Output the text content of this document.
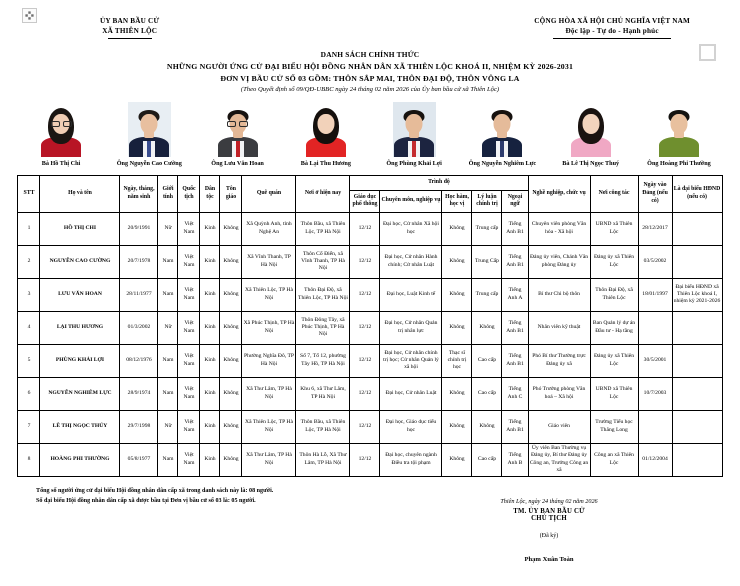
ỦY BAN BẦU CỬ
XÃ THIÊN LỘC
CỘNG HÒA XÃ HỘI CHỦ NGHĨA VIỆT NAM
Độc lập - Tự do - Hạnh phúc
DANH SÁCH CHÍNH THỨC
NHỮNG NGƯỜI ỨNG CỬ ĐẠI BIỂU HỘI ĐỒNG NHÂN DÂN XÃ THIÊN LỘC KHOÁ II, NHIỆM KỲ 2026-2031
ĐƠN VỊ BẦU CỬ SỐ 03 GỒM: THÔN SẮP MAI, THÔN ĐẠI ĐỘ, THÔN VÔNG LA
(Theo Quyết định số 09/QĐ-UBBC ngày 24 tháng 02 năm 2026 của Ủy ban bầu cử xã Thiên Lộc)
Bà Hồ Thị Chi	Ông Nguyễn Cao Cường	Ông Lưu Văn Hoan	Bà Lại Thu Hương	Ông Phùng Khải Lợi	Ông Nguyễn Nghiêm Lực	Bà Lê Thị Ngọc Thuý	Ông Hoàng Phi Thường
STT	Họ và tên	Ngày, tháng, năm sinh	Giới tính	Quốc tịch	Dân tộc	Tôn giáo	Quê quán	Nơi ở hiện nay	Trình độ					Nghề nghiệp, chức vụ	Nơi công tác	Ngày vào Đảng (nếu có)	Là đại biểu HĐND (nếu có)
									Giáo dục phổ thông	Chuyên môn, nghiệp vụ	Học hàm, học vị	Lý luận chính trị	Ngoại ngữ				
1	HỒ THỊ CHI	20/9/1991	Nữ	Việt Nam	Kinh	Không	Xã Quỳnh Anh, tỉnh Nghệ An	Thôn Bầu, xã Thiên Lộc, TP Hà Nội	12/12	Đại học, Cử nhân Xã hội học	Không	Trung cấp	Tiếng Anh B1	Chuyên viên phòng Văn hóa - Xã hội	UBND xã Thiên Lộc	28/12/2017	
2	NGUYỄN CAO CƯỜNG	20/7/1978	Nam	Việt Nam	Kinh	Không	Xã Vĩnh Thanh, TP Hà Nội	Thôn Cổ Điển, xã Vĩnh Thanh, TP Hà Nội	12/12	Đại học, Cử nhân Hành chính; Cử nhân Luật	Không	Trung Cấp	Tiếng Anh B1	Đảng ủy viên, Chánh Văn phòng Đảng ủy	Đảng ủy xã Thiên Lộc	03/5/2002	
3	LƯU VĂN HOAN	28/11/1977	Nam	Việt Nam	Kinh	Không	Xã Thiên Lộc, TP Hà Nội	Thôn Đại Độ, xã Thiên Lộc, TP Hà Nội	12/12	Đại học, Luật Kinh tế	Không	Trung cấp	Tiếng Anh A	Bí thư Chi bộ thôn	Thôn Đại Độ, xã Thiên Lộc	18/01/1997	Đại biểu HĐND xã Thiên Lộc khoá I, nhiệm kỳ 2021-2026
4	LẠI THU HƯƠNG	01/3/2002	Nữ	Việt Nam	Kinh	Không	Xã Phúc Thịnh, TP Hà Nội	Thôn Đông Tây, xã Phúc Thịnh, TP Hà Nội	12/12	Đại học, Cử nhân Quản trị nhân lực	Không	Không	Tiếng Anh B1	Nhân viên kỹ thuật	Ban Quản lý dự án Đầu tư - Hạ tầng		
5	PHÙNG KHẢI LỢI	08/12/1976	Nam	Việt Nam	Kinh	Không	Phường Nghĩa Đô, TP Hà Nội	Số 7, Tổ 12, phường Tây Hồ, TP Hà Nội	12/12	Đại học, Cử nhân chính trị học; Cử nhân Quản lý xã hội	Thạc sĩ chính trị học	Cao cấp	Tiếng Anh B1	Phó Bí thư Thường trực Đảng ủy xã	Đảng ủy xã Thiên Lộc	30/5/2001	
6	NGUYỄN NGHIÊM LỰC	28/9/1974	Nam	Việt Nam	Kinh	Không	Xã Thư Lâm, TP Hà Nội	Khu 6, xã Thư Lâm, TP Hà Nội	12/12	Đại học, Cử nhân Luật	Không	Cao cấp	Tiếng Anh C	Phó Trưởng phòng Văn hoá – Xã hội	UBND xã Thiên Lộc	10/7/2003	
7	LÊ THỊ NGỌC THÚY	29/7/1998	Nữ	Việt Nam	Kinh	Không	Xã Thiên Lộc, TP Hà Nội	Thôn Bầu, xã Thiên Lộc, TP Hà Nội	12/12	Đại học, Giáo dục tiểu học	Không	Không	Tiếng Anh B1	Giáo viên	Trường Tiểu học Thăng Long		
8	HOÀNG PHI THƯỜNG	05/8/1977	Nam	Việt Nam	Kinh	Không	Xã Thư Lâm, TP Hà Nội	Thôn Hà Lỗ, Xã Thư Lâm, TP Hà Nội	12/12	Đại học, chuyên ngành Điều tra tội phạm	Không	Cao cấp	Tiếng Anh B	Ủy viên Ban Thường vụ Đảng ủy, Bí thư Đảng ủy Công an, Trưởng Công an xã	Công an xã Thiên Lộc	01/12/2004	
Tổng số người ứng cử đại biểu Hội đồng nhân dân cấp xã trong danh sách này là: 08 người.
Số đại biểu Hội đồng nhân dân cấp xã được bầu tại Đơn vị bầu cử số 03 là: 05 người.	Thiên Lộc, ngày 24 tháng 02 năm 2026
TM. ỦY BAN BẦU CỬ
CHỦ TỊCH
(Đã ký)
Phạm Xuân Toàn
